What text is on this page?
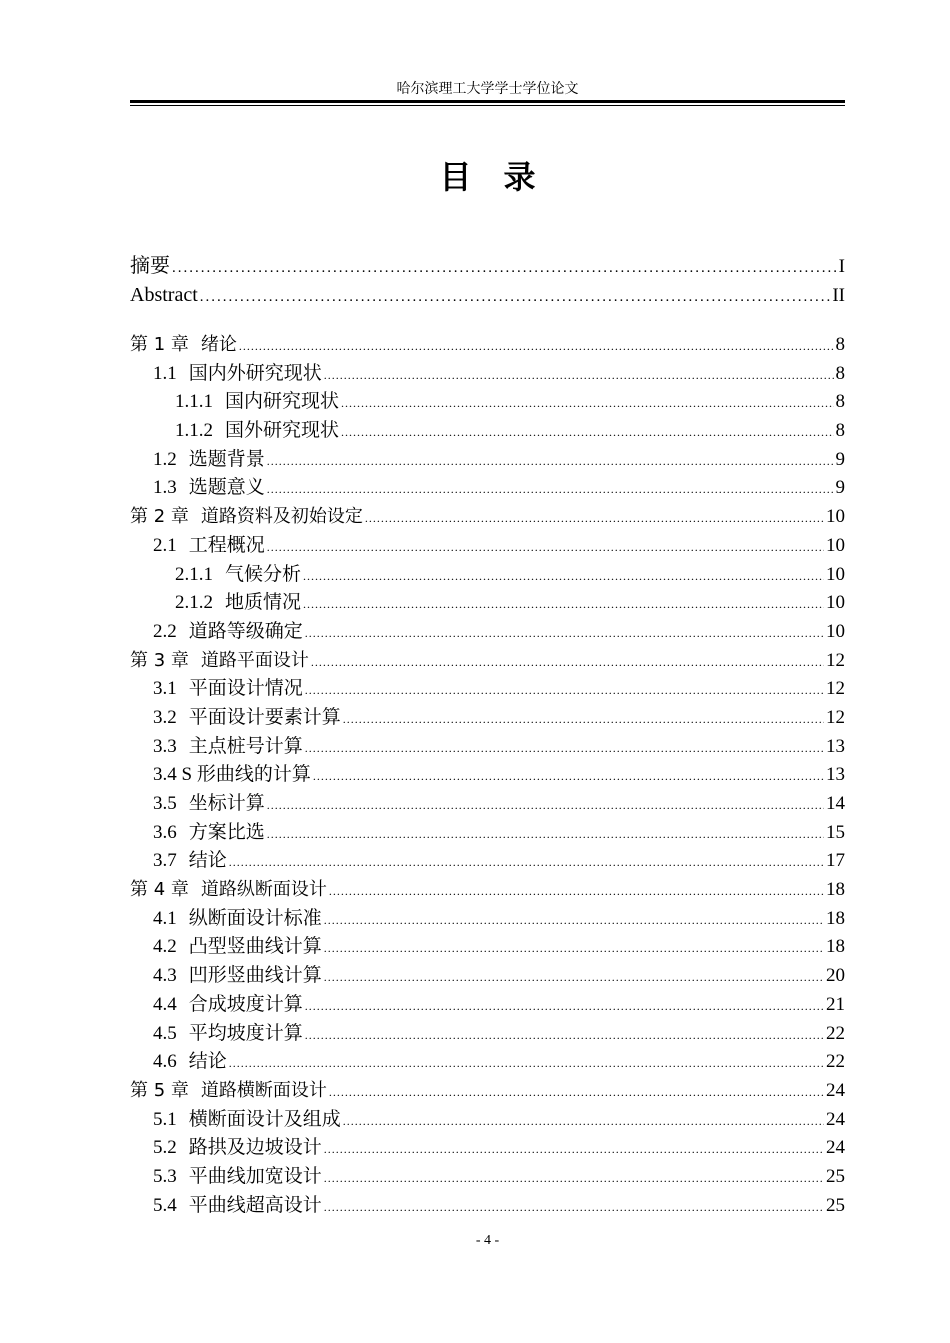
哈尔滨理工大学学士学位论文
目录
摘要 .....	I
Abstract .....	II
第 1 章 绪论 .....	8
1.1 国内外研究现状 .....	8
1.1.1 国内研究现状 .....	8
1.1.2 国外研究现状 .....	8
1.2 选题背景 .....	9
1.3 选题意义 .....	9
第 2 章 道路资料及初始设定 .....	10
2.1 工程概况 .....	10
2.1.1 气候分析 .....	10
2.1.2 地质情况 .....	10
2.2 道路等级确定 .....	10
第 3 章 道路平面设计 .....	12
3.1 平面设计情况 .....	12
3.2 平面设计要素计算 .....	12
3.3 主点桩号计算 .....	13
3.4 S 形曲线的计算 .....	13
3.5 坐标计算 .....	14
3.6 方案比选 .....	15
3.7 结论 .....	17
第 4 章 道路纵断面设计 .....	18
4.1 纵断面设计标准 .....	18
4.2 凸型竖曲线计算 .....	18
4.3 凹形竖曲线计算 .....	20
4.4 合成坡度计算 .....	21
4.5 平均坡度计算 .....	22
4.6 结论 .....	22
第 5 章 道路横断面设计 .....	24
5.1 横断面设计及组成 .....	24
5.2 路拱及边坡设计 .....	24
5.3 平曲线加宽设计 .....	25
5.4 平曲线超高设计 .....	25
- 4 -
